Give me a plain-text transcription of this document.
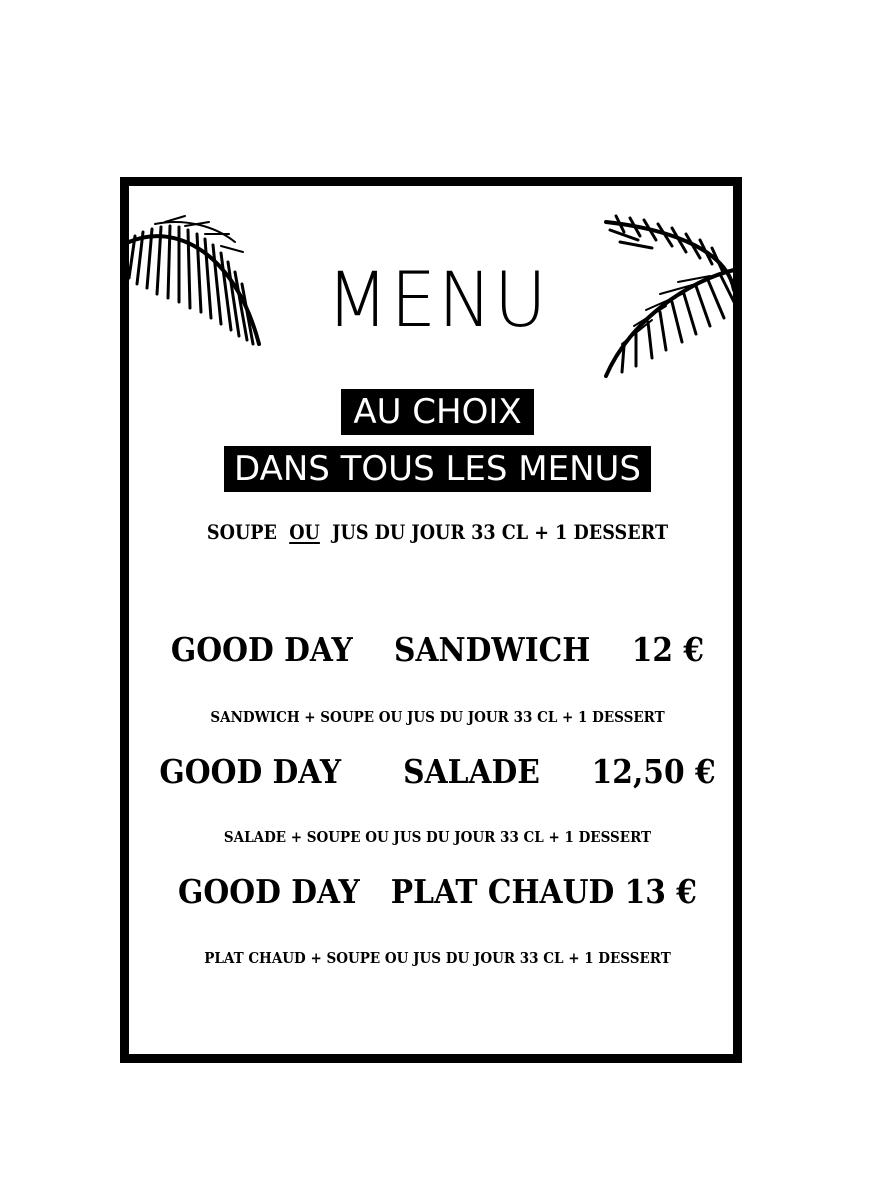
MENU
AU CHOIX
DANS TOUS LES MENUS
SOUPE  OU  JUS DU JOUR 33 CL + 1 DESSERT
GOOD DAY SANDWICH 12 €
SANDWICH + SOUPE OU JUS DU JOUR 33 CL + 1 DESSERT
GOOD DAY SALADE 12,50 €
SALADE + SOUPE OU JUS DU JOUR 33 CL + 1 DESSERT
GOOD DAY PLAT CHAUD 13 €
PLAT CHAUD + SOUPE OU JUS DU JOUR 33 CL + 1 DESSERT
